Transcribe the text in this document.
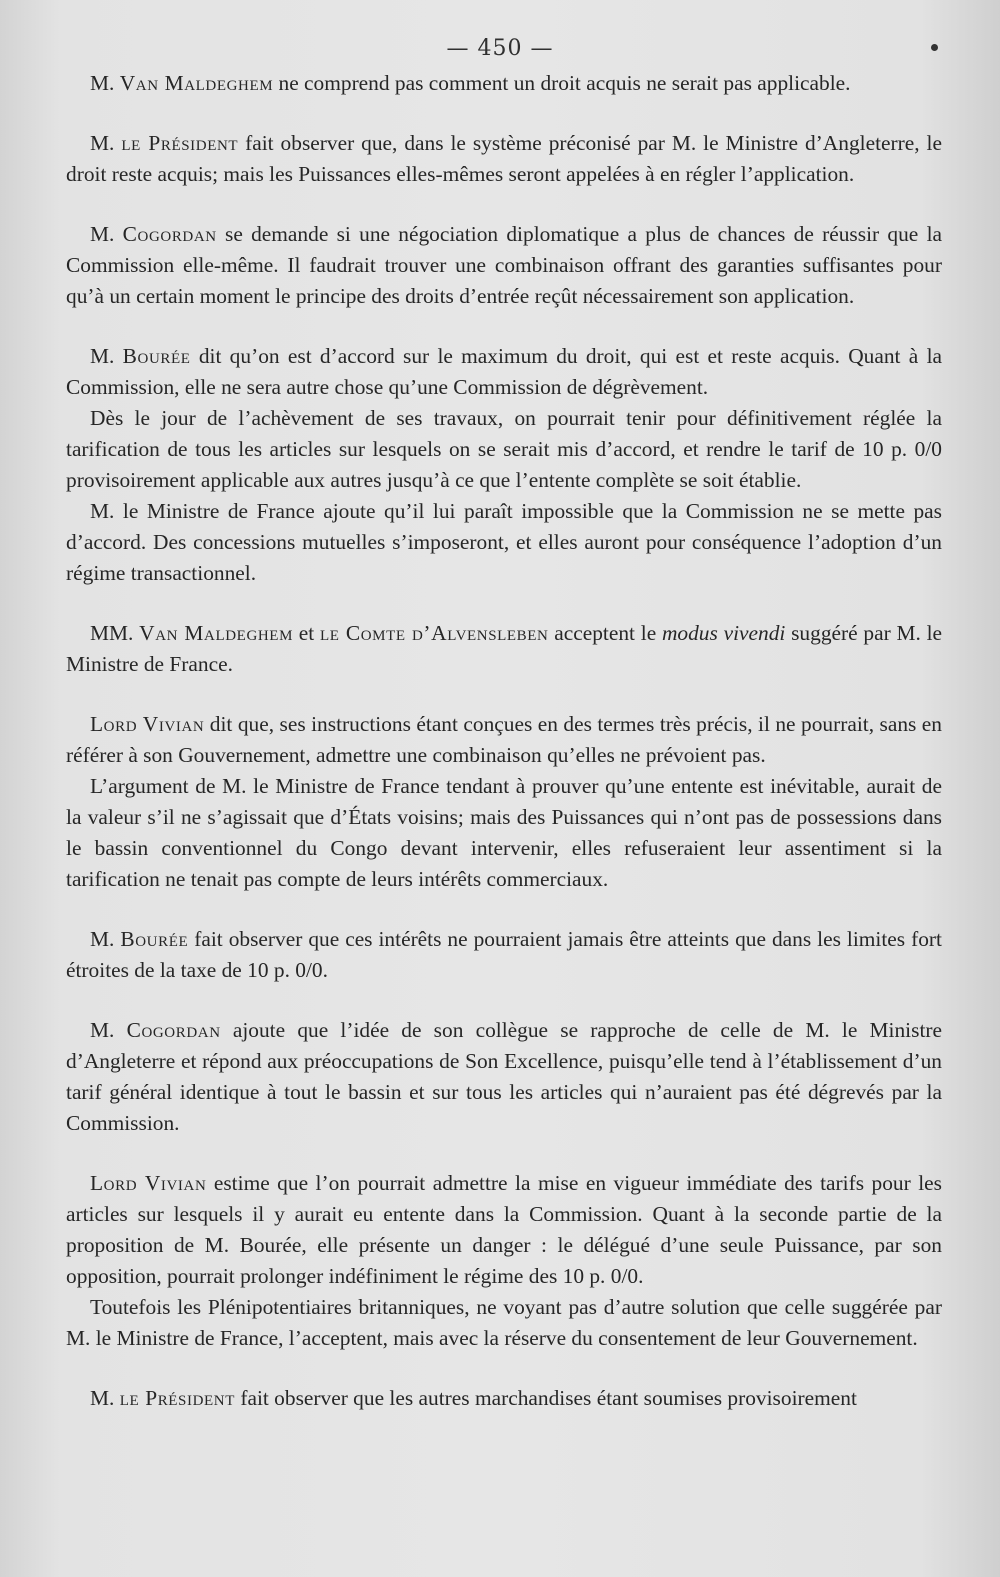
— 450 —

M. Van Maldeghem ne comprend pas comment un droit acquis ne serait pas applicable.

M. le Président fait observer que, dans le système préconisé par M. le Ministre d’Angleterre, le droit reste acquis; mais les Puissances elles-mêmes seront appelées à en régler l’application.

M. Cogordan se demande si une négociation diplomatique a plus de chances de réussir que la Commission elle-même. Il faudrait trouver une combinaison offrant des garanties suffisantes pour qu’à un certain moment le principe des droits d’entrée reçût nécessairement son application.

M. Bourée dit qu’on est d’accord sur le maximum du droit, qui est et reste acquis. Quant à la Commission, elle ne sera autre chose qu’une Commission de dégrèvement.

Dès le jour de l’achèvement de ses travaux, on pourrait tenir pour définitivement réglée la tarification de tous les articles sur lesquels on se serait mis d’accord, et rendre le tarif de 10 p. 0/0 provisoirement applicable aux autres jusqu’à ce que l’entente complète se soit établie.

M. le Ministre de France ajoute qu’il lui paraît impossible que la Commission ne se mette pas d’accord. Des concessions mutuelles s’imposeront, et elles auront pour conséquence l’adoption d’un régime transactionnel.

MM. Van Maldeghem et le Comte d’Alvensleben acceptent le modus vivendi suggéré par M. le Ministre de France.

Lord Vivian dit que, ses instructions étant conçues en des termes très précis, il ne pourrait, sans en référer à son Gouvernement, admettre une combinaison qu’elles ne prévoient pas.

L’argument de M. le Ministre de France tendant à prouver qu’une entente est inévitable, aurait de la valeur s’il ne s’agissait que d’États voisins; mais des Puissances qui n’ont pas de possessions dans le bassin conventionnel du Congo devant intervenir, elles refuseraient leur assentiment si la tarification ne tenait pas compte de leurs intérêts commerciaux.

M. Bourée fait observer que ces intérêts ne pourraient jamais être atteints que dans les limites fort étroites de la taxe de 10 p. 0/0.

M. Cogordan ajoute que l’idée de son collègue se rapproche de celle de M. le Ministre d’Angleterre et répond aux préoccupations de Son Excellence, puisqu’elle tend à l’établissement d’un tarif général identique à tout le bassin et sur tous les articles qui n’auraient pas été dégrevés par la Commission.

Lord Vivian estime que l’on pourrait admettre la mise en vigueur immédiate des tarifs pour les articles sur lesquels il y aurait eu entente dans la Commission. Quant à la seconde partie de la proposition de M. Bourée, elle présente un danger : le délégué d’une seule Puissance, par son opposition, pourrait prolonger indéfiniment le régime des 10 p. 0/0.

Toutefois les Plénipotentiaires britanniques, ne voyant pas d’autre solution que celle suggérée par M. le Ministre de France, l’acceptent, mais avec la réserve du consentement de leur Gouvernement.

M. le Président fait observer que les autres marchandises étant soumises provisoirement
